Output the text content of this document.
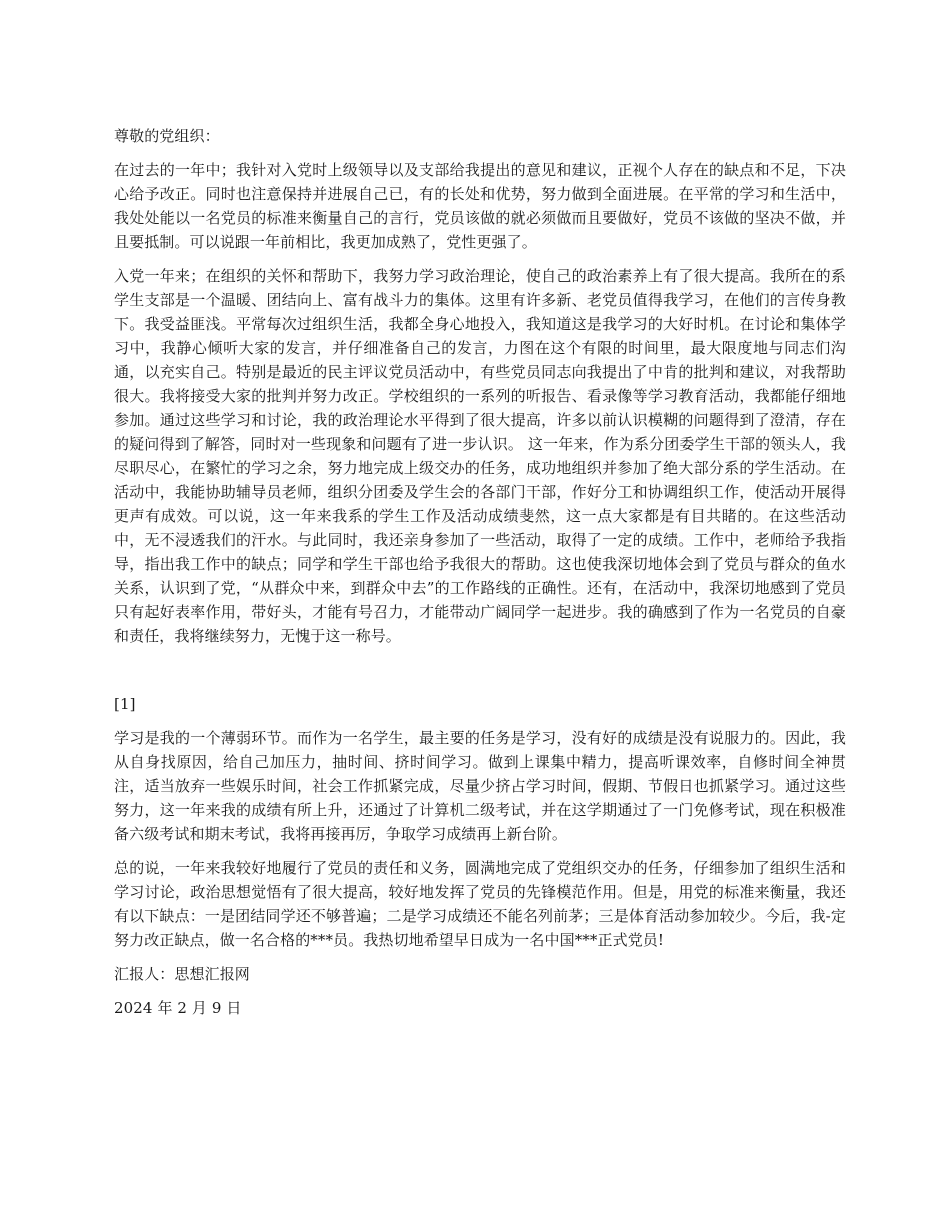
尊敬的党组织：

在过去的一年中；我针对入党时上级领导以及支部给我提出的意见和建议，正视个人存在的缺点和不足，下决心给予改正。同时也注意保持并进展自己已，有的长处和优势，努力做到全面进展。在平常的学习和生活中，我处处能以一名党员的标准来衡量自己的言行，党员该做的就必须做而且要做好，党员不该做的坚决不做，并且要抵制。可以说跟一年前相比，我更加成熟了，党性更强了。

入党一年来；在组织的关怀和帮助下，我努力学习政治理论，使自己的政治素养上有了很大提高。我所在的系学生支部是一个温暖、团结向上、富有战斗力的集体。这里有许多新、老党员值得我学习，在他们的言传身教下。我受益匪浅。平常每次过组织生活，我都全身心地投入，我知道这是我学习的大好时机。在讨论和集体学习中，我静心倾听大家的发言，并仔细准备自己的发言，力图在这个有限的时间里，最大限度地与同志们沟通，以充实自己。特别是最近的民主评议党员活动中，有些党员同志向我提出了中肯的批判和建议，对我帮助很大。我将接受大家的批判并努力改正。学校组织的一系列的听报告、看录像等学习教育活动，我都能仔细地参加。通过这些学习和讨论，我的政治理论水平得到了很大提高，许多以前认识模糊的问题得到了澄清，存在的疑问得到了解答，同时对一些现象和问题有了进一步认识。 这一年来，作为系分团委学生干部的领头人，我尽职尽心，在繁忙的学习之余，努力地完成上级交办的任务，成功地组织并参加了绝大部分系的学生活动。在活动中，我能协助辅导员老师，组织分团委及学生会的各部门干部，作好分工和协调组织工作，使活动开展得更声有成效。可以说，这一年来我系的学生工作及活动成绩斐然，这一点大家都是有目共睹的。在这些活动中，无不浸透我们的汗水。与此同时，我还亲身参加了一些活动，取得了一定的成绩。工作中，老师给予我指导，指出我工作中的缺点；同学和学生干部也给予我很大的帮助。这也使我深切地体会到了党员与群众的鱼水关系，认识到了党，“从群众中来，到群众中去”的工作路线的正确性。还有，在活动中，我深切地感到了党员只有起好表率作用，带好头，才能有号召力，才能带动广阔同学一起进步。我的确感到了作为一名党员的自豪和责任，我将继续努力，无愧于这一称号。

[1]

学习是我的一个薄弱环节。而作为一名学生，最主要的任务是学习，没有好的成绩是没有说服力的。因此，我从自身找原因，给自己加压力，抽时间、挤时间学习。做到上课集中精力，提高听课效率，自修时间全神贯注，适当放弃一些娱乐时间，社会工作抓紧完成，尽量少挤占学习时间，假期、节假日也抓紧学习。通过这些努力，这一年来我的成绩有所上升，还通过了计算机二级考试，并在这学期通过了一门免修考试，现在积极准备六级考试和期末考试，我将再接再厉，争取学习成绩再上新台阶。

总的说，一年来我较好地履行了党员的责任和义务，圆满地完成了党组织交办的任务，仔细参加了组织生活和学习讨论，政治思想觉悟有了很大提高，较好地发挥了党员的先锋模范作用。但是，用党的标准来衡量，我还有以下缺点：一是团结同学还不够普遍；二是学习成绩还不能名列前茅；三是体育活动参加较少。今后，我-定努力改正缺点，做一名合格的***员。我热切地希望早日成为一名中国***正式党员!

汇报人：思想汇报网

2024 年 2 月 9 日
